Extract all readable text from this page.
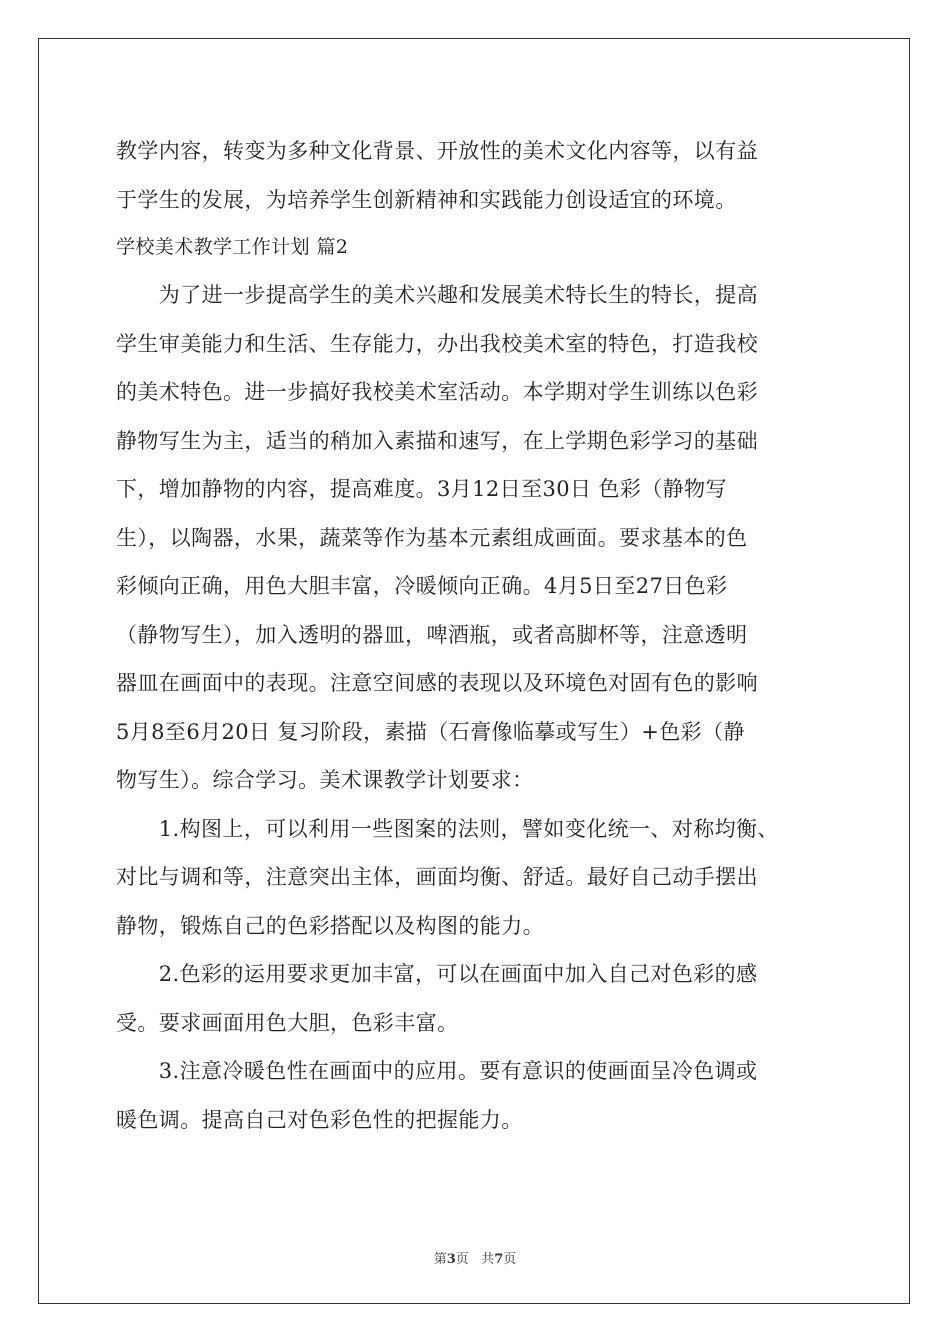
教学内容，转变为多种文化背景、开放性的美术文化内容等，以有益
于学生的发展，为培养学生创新精神和实践能力创设适宜的环境。
学校美术教学工作计划 篇2
　　为了进一步提高学生的美术兴趣和发展美术特长生的特长，提高
学生审美能力和生活、生存能力，办出我校美术室的特色，打造我校
的美术特色。进一步搞好我校美术室活动。本学期对学生训练以色彩
静物写生为主，适当的稍加入素描和速写，在上学期色彩学习的基础
下，增加静物的内容，提高难度。3月12日至30日 色彩（静物写
生），以陶器，水果，蔬菜等作为基本元素组成画面。要求基本的色
彩倾向正确，用色大胆丰富，冷暖倾向正确。4月5日至27日色彩
（静物写生），加入透明的器皿，啤酒瓶，或者高脚杯等，注意透明
器皿在画面中的表现。注意空间感的表现以及环境色对固有色的影响
5月8至6月20日 复习阶段，素描（石膏像临摹或写生）+色彩（静
物写生）。综合学习。美术课教学计划要求：
　　1.构图上，可以利用一些图案的法则，譬如变化统一、对称均衡、
对比与调和等，注意突出主体，画面均衡、舒适。最好自己动手摆出
静物，锻炼自己的色彩搭配以及构图的能力。
　　2.色彩的运用要求更加丰富，可以在画面中加入自己对色彩的感
受。要求画面用色大胆，色彩丰富。
　　3.注意冷暖色性在画面中的应用。要有意识的使画面呈冷色调或
暖色调。提高自己对色彩色性的把握能力。
第3页 共7页
